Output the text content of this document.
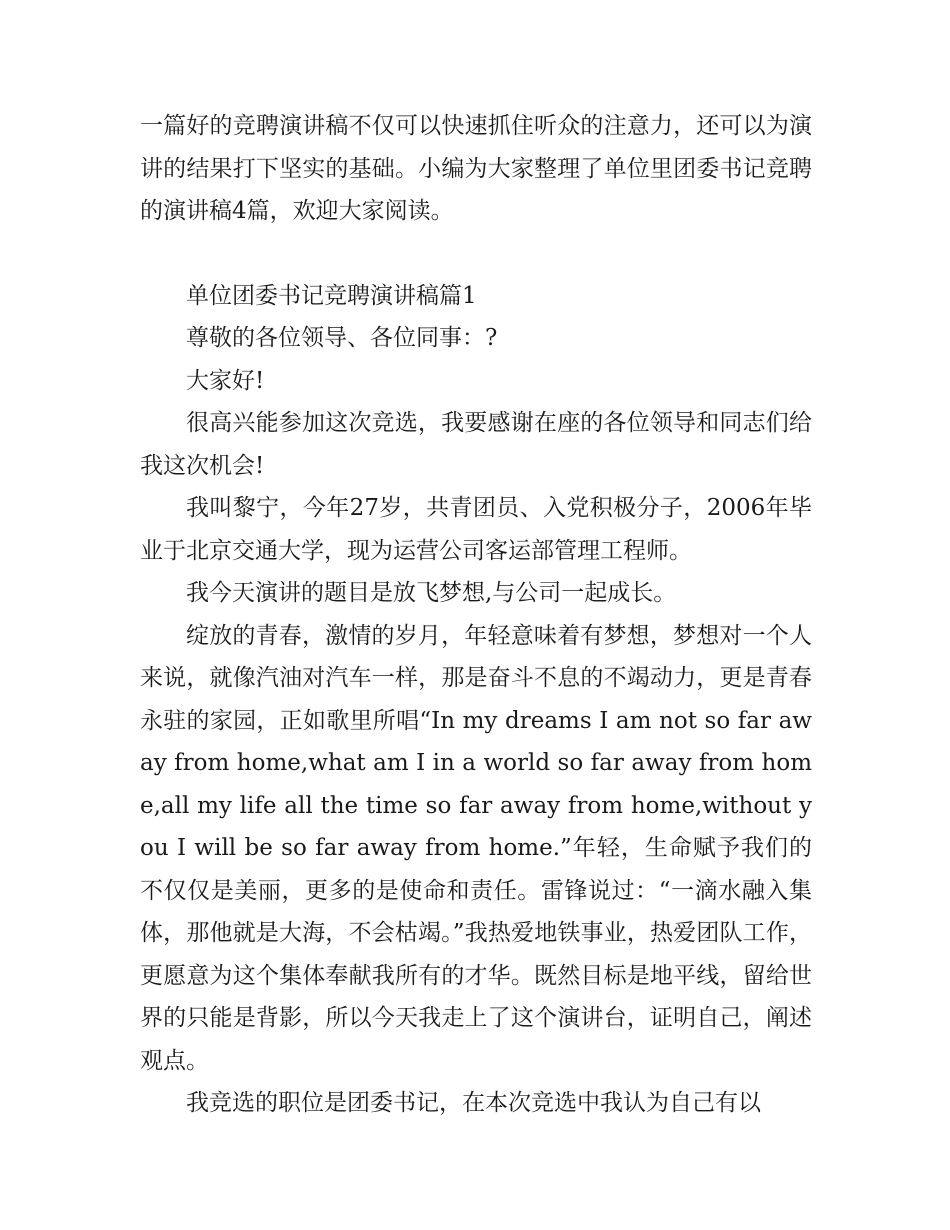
一篇好的竞聘演讲稿不仅可以快速抓住听众的注意力，还可以为演讲的结果打下坚实的基础。小编为大家整理了单位里团委书记竞聘的演讲稿4篇，欢迎大家阅读。

单位团委书记竞聘演讲稿篇1

尊敬的各位领导、各位同事：?

大家好!

很高兴能参加这次竞选，我要感谢在座的各位领导和同志们给我这次机会!

我叫黎宁，今年27岁，共青团员、入党积极分子，2006年毕业于北京交通大学，现为运营公司客运部管理工程师。

我今天演讲的题目是放飞梦想,与公司一起成长。

绽放的青春，激情的岁月，年轻意味着有梦想，梦想对一个人来说，就像汽油对汽车一样，那是奋斗不息的不竭动力，更是青春永驻的家园，正如歌里所唱“In my dreams I am not so far away from home,what am I in a world so far away from home,all my life all the time so far away from home,without you I will be so far away from home.”年轻，生命赋予我们的不仅仅是美丽，更多的是使命和责任。雷锋说过：“一滴水融入集体，那他就是大海，不会枯竭。”我热爱地铁事业，热爱团队工作，更愿意为这个集体奉献我所有的才华。既然目标是地平线，留给世界的只能是背影，所以今天我走上了这个演讲台，证明自己，阐述观点。

我竞选的职位是团委书记，在本次竞选中我认为自己有以
